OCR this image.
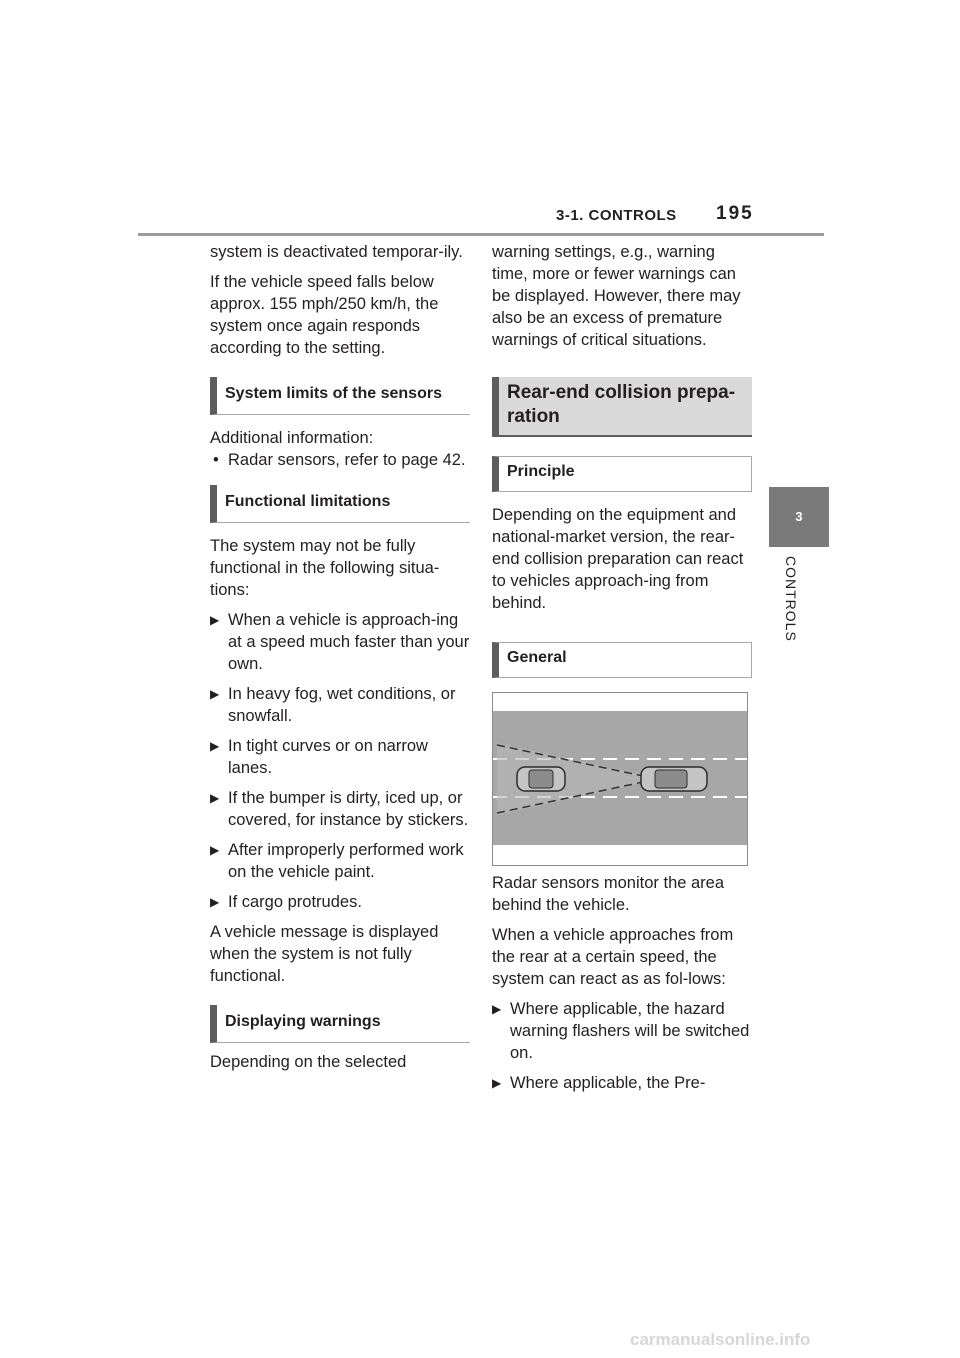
3-1. CONTROLS 195
3
CONTROLS

system is deactivated temporar-ily.

If the vehicle speed falls below approx. 155 mph/250 km/h, the system once again responds according to the setting.

System limits of the sensors

Additional information:

• Radar sensors, refer to page 42.
Functional limitations

The system may not be fully functional in the following situa-tions:

▶ When a vehicle is approach-ing at a speed much faster than your own.
▶ In heavy fog, wet conditions, or snowfall.
▶ In tight curves or on narrow lanes.
▶ If the bumper is dirty, iced up, or covered, for instance by stickers.
▶ After improperly performed work on the vehicle paint.
▶ If cargo protrudes.

A vehicle message is displayed when the system is not fully functional.

Displaying warnings

Depending on the selected

warning settings, e.g., warning time, more or fewer warnings can be displayed. However, there may also be an excess of premature warnings of critical situations.

Rear-end collision prepa-ration
Principle

Depending on the equipment and national-market version, the rear-end collision preparation can react to vehicles approach-ing from behind.

General

Radar sensors monitor the area behind the vehicle.

When a vehicle approaches from the rear at a certain speed, the system can react as as fol-lows:

▶ Where applicable, the hazard warning flashers will be switched on.
▶ Where applicable, the Pre-
carmanualsonline.info
